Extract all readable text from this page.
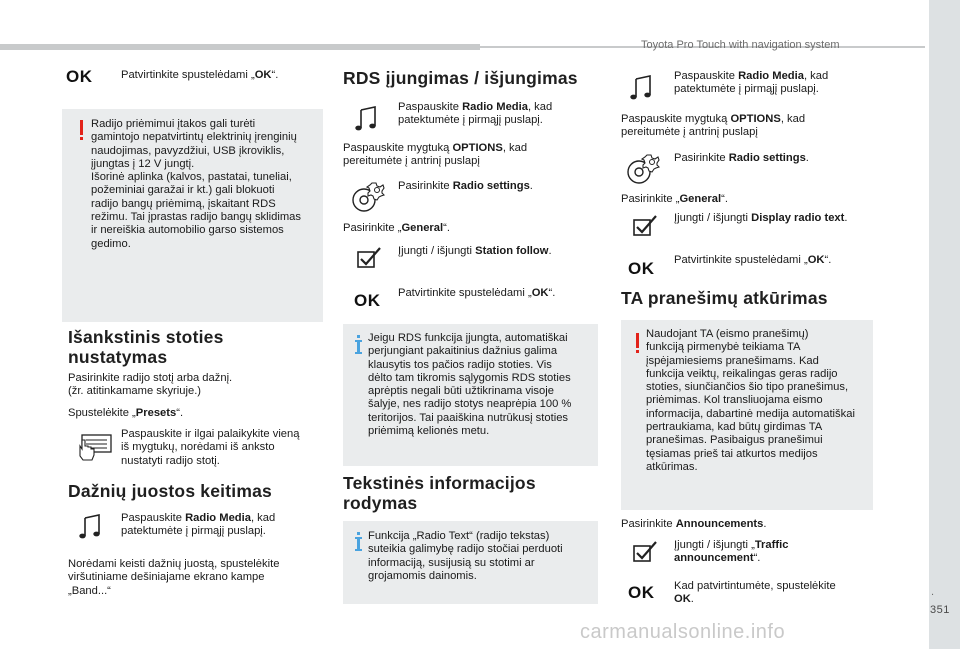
Toyota Pro Touch with navigation system
.
351
OK	Patvirtinkite spustelėdami „OK“.
Radijo priėmimui įtakos gali turėti
gamintojo nepatvirtintų elektrinių įrenginių
naudojimas, pavyzdžiui, USB įkroviklis,
įjungtas į 12 V jungtį.
Išorinė aplinka (kalvos, pastatai, tuneliai,
požeminiai garažai ir kt.) gali blokuoti
radijo bangų priėmimą, įskaitant RDS
režimu. Tai įprastas radijo bangų sklidimas
ir nereiškia automobilio garso sistemos
gedimo.
Išankstinis stoties
nustatymas
Pasirinkite radijo stotį arba dažnį.
(žr. atitinkamame skyriuje.)
Spustelėkite „Presets“.
Paspauskite ir ilgai palaikykite vieną
iš mygtukų, norėdami iš anksto
nustatyti radijo stotį.
Dažnių juostos keitimas
Paspauskite Radio Media, kad
patektumėte į pirmąjį puslapį.
Norėdami keisti dažnių juostą, spustelėkite
viršutiniame dešiniajame ekrano kampe
„Band...“
RDS įjungimas / išjungimas
Paspauskite Radio Media, kad
patektumėte į pirmąjį puslapį.
Paspauskite mygtuką OPTIONS, kad
pereitumėte į antrinį puslapį
Pasirinkite Radio settings.
Pasirinkite „General“.
Įjungti / išjungti Station follow.
OK Patvirtinkite spustelėdami „OK“.
Jeigu RDS funkcija įjungta, automatiškai
perjungiant pakaitinius dažnius galima
klausytis tos pačios radijo stoties. Vis
dėlto tam tikromis sąlygomis RDS stoties
aprėptis negali būti užtikrinama visoje
šalyje, nes radijo stotys neaprėpia 100 %
teritorijos. Tai paaiškina nutrūkusį stoties
priėmimą kelionės metu.
Tekstinės informacijos
rodymas
Funkcija „Radio Text“ (radijo tekstas)
suteikia galimybę radijo stočiai perduoti
informaciją, susijusią su stotimi ar
grojamomis dainomis.
Paspauskite Radio Media, kad
patektumėte į pirmąjį puslapį.
Paspauskite mygtuką OPTIONS, kad
pereitumėte į antrinį puslapį
Pasirinkite Radio settings.
Pasirinkite „General“.
Įjungti / išjungti Display radio text.
OK Patvirtinkite spustelėdami „OK“.
TA pranešimų atkūrimas
Naudojant TA (eismo pranešimų)
funkciją pirmenybė teikiama TA
įspėjamiesiems pranešimams. Kad
funkcija veiktų, reikalingas geras radijo
stoties, siunčiančios šio tipo pranešimus,
priėmimas. Kol transliuojama eismo
informacija, dabartinė medija automatiškai
pertraukiama, kad būtų girdimas TA
pranešimas. Pasibaigus pranešimui
tęsiamas prieš tai atkurtos medijos
atkūrimas.
Pasirinkite Announcements.
Įjungti / išjungti „Traffic
announcement“.
OK Kad patvirtintumėte, spustelėkite
OK.
carmanualsonline.info
